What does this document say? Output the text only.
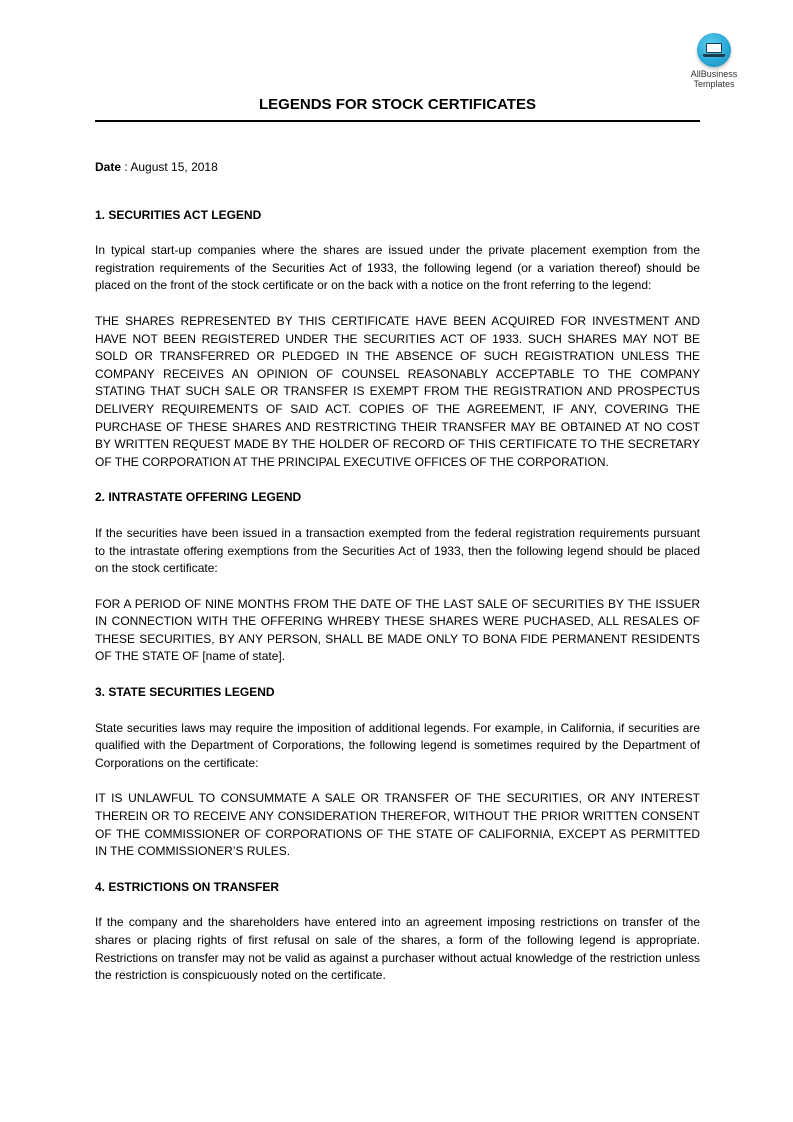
AllBusiness
Templates
LEGENDS FOR STOCK CERTIFICATES
Date : August 15, 2018
1. SECURITIES ACT LEGEND

In typical start-up companies where the shares are issued under the private placement exemption from the registration requirements of the Securities Act of 1933, the following legend (or a variation thereof) should be placed on the front of the stock certificate or on the back with a notice on the front referring to the legend:

THE SHARES REPRESENTED BY THIS CERTIFICATE HAVE BEEN ACQUIRED FOR INVESTMENT AND HAVE NOT BEEN REGISTERED UNDER THE SECURITIES ACT OF 1933. SUCH SHARES MAY NOT BE SOLD OR TRANSFERRED OR PLEDGED IN THE ABSENCE OF SUCH REGISTRATION UNLESS THE COMPANY RECEIVES AN OPINION OF COUNSEL REASONABLY ACCEPTABLE TO THE COMPANY STATING THAT SUCH SALE OR TRANSFER IS EXEMPT FROM THE REGISTRATION AND PROSPECTUS DELIVERY REQUIREMENTS OF SAID ACT. COPIES OF THE AGREEMENT, IF ANY, COVERING THE PURCHASE OF THESE SHARES AND RESTRICTING THEIR TRANSFER MAY BE OBTAINED AT NO COST BY WRITTEN REQUEST MADE BY THE HOLDER OF RECORD OF THIS CERTIFICATE TO THE SECRETARY OF THE CORPORATION AT THE PRINCIPAL EXECUTIVE OFFICES OF THE CORPORATION.

2. INTRASTATE OFFERING LEGEND

If the securities have been issued in a transaction exempted from the federal registration requirements pursuant to the intrastate offering exemptions from the Securities Act of 1933, then the following legend should be placed on the stock certificate:

FOR A PERIOD OF NINE MONTHS FROM THE DATE OF THE LAST SALE OF SECURITIES BY THE ISSUER IN CONNECTION WITH THE OFFERING WHREBY THESE SHARES WERE PUCHASED, ALL RESALES OF THESE SECURITIES, BY ANY PERSON, SHALL BE MADE ONLY TO BONA FIDE PERMANENT RESIDENTS OF THE STATE OF [name of state].

3. STATE SECURITIES LEGEND

State securities laws may require the imposition of additional legends. For example, in California, if securities are qualified with the Department of Corporations, the following legend is sometimes required by the Department of Corporations on the certificate:

IT IS UNLAWFUL TO CONSUMMATE A SALE OR TRANSFER OF THE SECURITIES, OR ANY INTEREST THEREIN OR TO RECEIVE ANY CONSIDERATION THEREFOR, WITHOUT THE PRIOR WRITTEN CONSENT OF THE COMMISSIONER OF CORPORATIONS OF THE STATE OF CALIFORNIA, EXCEPT AS PERMITTED IN THE COMMISSIONER’S RULES.

4. ESTRICTIONS ON TRANSFER

If the company and the shareholders have entered into an agreement imposing restrictions on transfer of the shares or placing rights of first refusal on sale of the shares, a form of the following legend is appropriate. Restrictions on transfer may not be valid as against a purchaser without actual knowledge of the restriction unless the restriction is conspicuously noted on the certificate.
